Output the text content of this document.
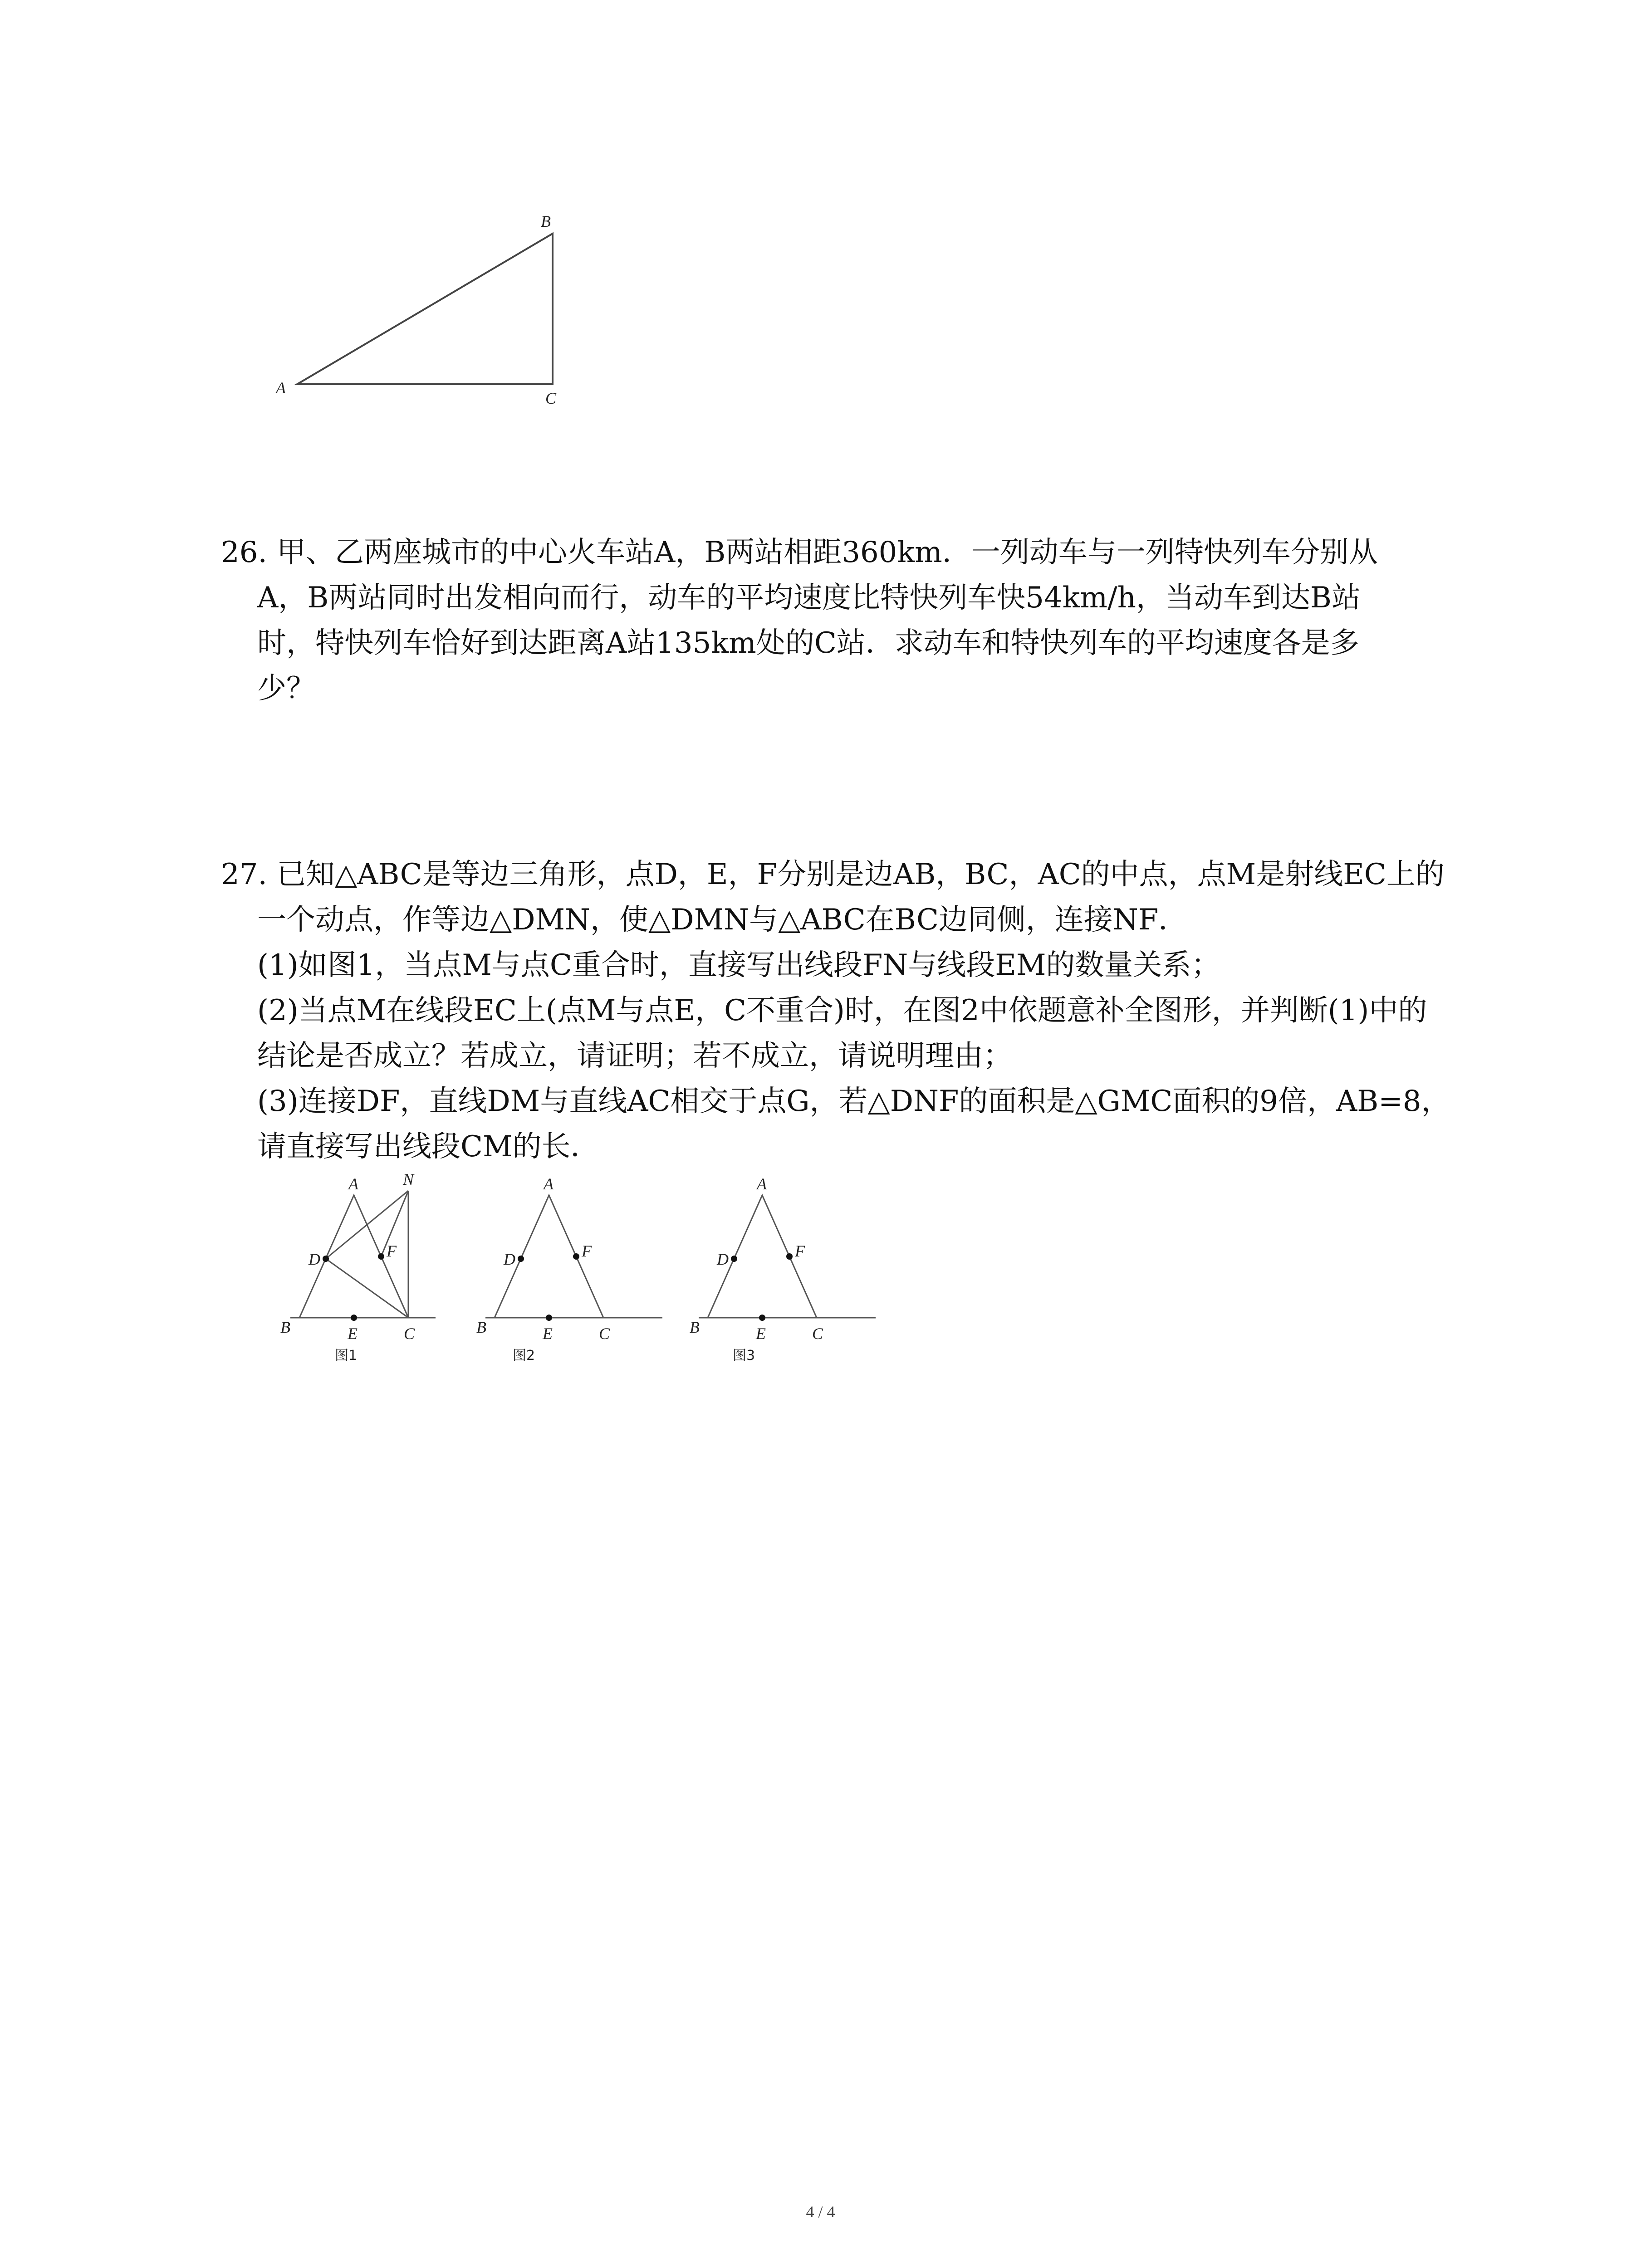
A
B
C
26. 甲、乙两座城市的中心火车站A，B两站相距360km．一列动车与一列特快列车分别从
A，B两站同时出发相向而行，动车的平均速度比特快列车快54km/h，当动车到达B站
时，特快列车恰好到达距离A站135km处的C站．求动车和特快列车的平均速度各是多
少？
27. 已知△ABC是等边三角形，点D，E，F分别是边AB，BC，AC的中点，点M是射线EC上的
一个动点，作等边△DMN，使△DMN与△ABC在BC边同侧，连接NF．
(1)如图1，当点M与点C重合时，直接写出线段FN与线段EM的数量关系；
(2)当点M在线段EC上(点M与点E，C不重合)时，在图2中依题意补全图形，并判断(1)中的
结论是否成立？若成立，请证明；若不成立，请说明理由；
(3)连接DF，直线DM与直线AC相交于点G，若△DNF的面积是△GMC面积的9倍，AB=8，
请直接写出线段CM的长．
A	N
D	F
B	E	C
图1
A
D	F
B	E	C
图2
A
D	F
B	E	C
图3
4 / 4
